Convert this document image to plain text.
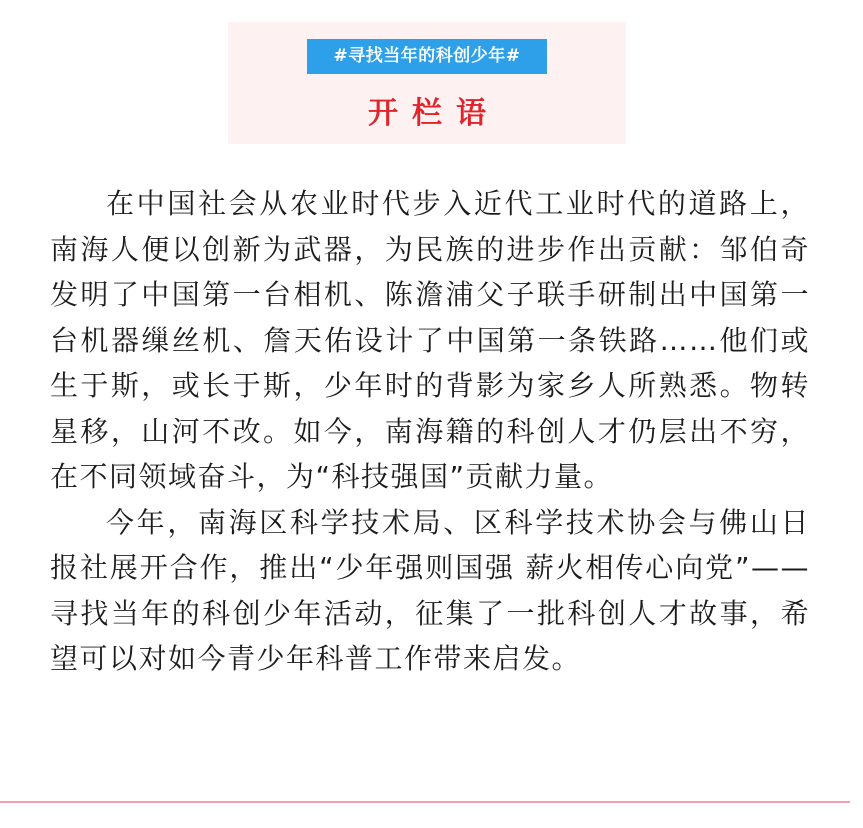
#寻找当年的科创少年#
开栏语

在中国社会从农业时代步入近代工业时代的道路上，南海人便以创新为武器，为民族的进步作出贡献：邹伯奇发明了中国第一台相机、陈澹浦父子联手研制出中国第一台机器缫丝机、詹天佑设计了中国第一条铁路……他们或生于斯，或长于斯，少年时的背影为家乡人所熟悉。物转星移，山河不改。如今，南海籍的科创人才仍层出不穷，在不同领域奋斗，为“科技强国”贡献力量。

今年，南海区科学技术局、区科学技术协会与佛山日报社展开合作，推出“少年强则国强 薪火相传心向党”——寻找当年的科创少年活动，征集了一批科创人才故事，希望可以对如今青少年科普工作带来启发。
